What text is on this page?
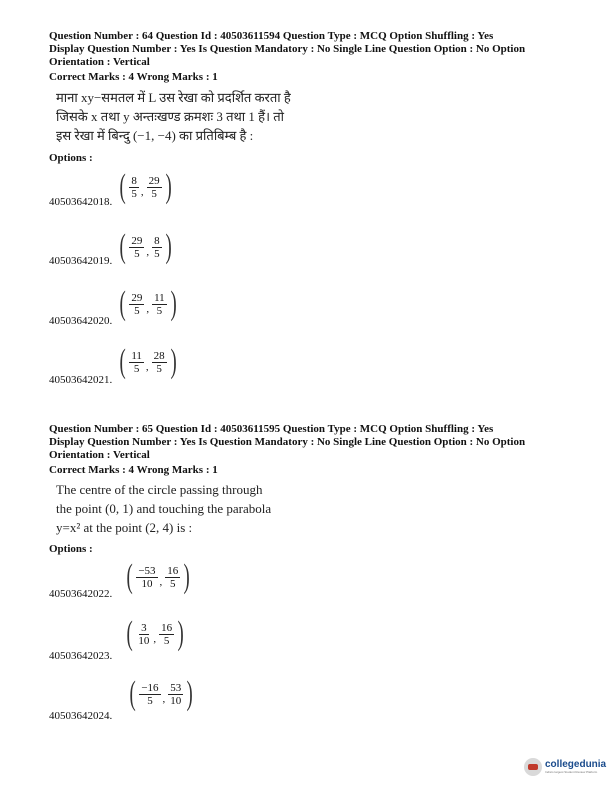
Question Number : 64 Question Id : 40503611594 Question Type : MCQ Option Shuffling : Yes
Display Question Number : Yes Is Question Mandatory : No Single Line Question Option : No Option
Orientation : Vertical
Correct Marks : 4 Wrong Marks : 1
माना xy−समतल में L उस रेखा को प्रदर्शित करता है
जिसके x तथा y अन्तःखण्ड क्रमशः 3 तथा 1 हैं। तो
इस रेखा में बिन्दु (−1, −4) का प्रतिबिम्ब है :
Options :
40503642018. ( $\frac{8}{5}$ , $\frac{29}{5}$ )
40503642019. ( $\frac{29}{5}$ , $\frac{8}{5}$ )
40503642020. ( $\frac{29}{5}$ , $\frac{11}{5}$ )
40503642021. ( $\frac{11}{5}$ , $\frac{28}{5}$ )
Question Number : 65 Question Id : 40503611595 Question Type : MCQ Option Shuffling : Yes
Display Question Number : Yes Is Question Mandatory : No Single Line Question Option : No Option
Orientation : Vertical
Correct Marks : 4 Wrong Marks : 1
The centre of the circle passing through
the point (0, 1) and touching the parabola
y=x² at the point (2, 4) is :
Options :
40503642022. ( $\frac{-53}{10}$ , $\frac{16}{5}$ )
40503642023.
( $\frac{3}{10}$ , $\frac{16}{5}$ )
40503642024.
( $\frac{-16}{5}$ , $\frac{53}{10}$ )
collegedunia
India's largest Student Review Platform
